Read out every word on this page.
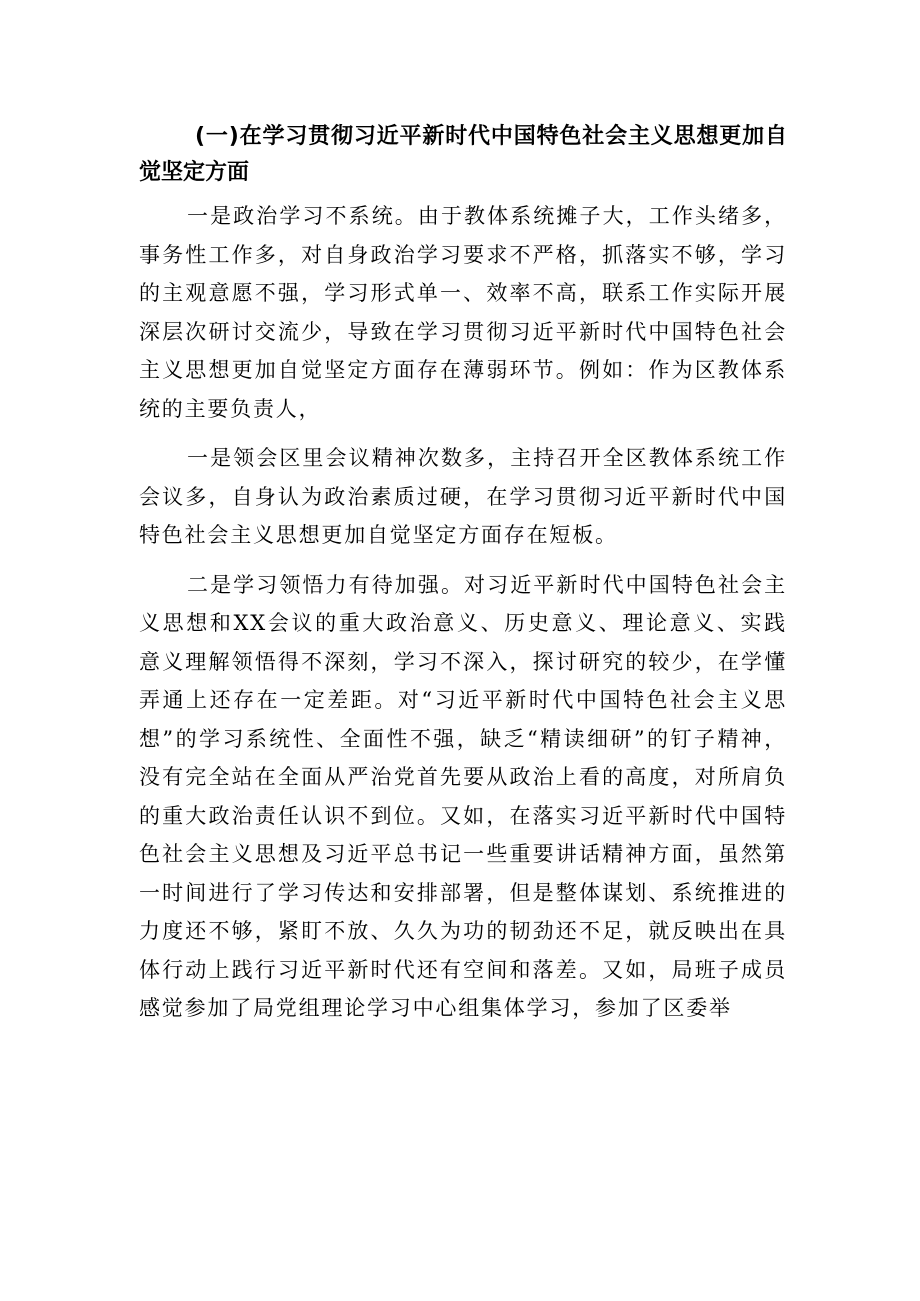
(一)在学习贯彻习近平新时代中国特色社会主义思想更加自觉坚定方面

一是政治学习不系统。由于教体系统摊子大，工作头绪多，事务性工作多，对自身政治学习要求不严格，抓落实不够，学习的主观意愿不强，学习形式单一、效率不高，联系工作实际开展深层次研讨交流少，导致在学习贯彻习近平新时代中国特色社会主义思想更加自觉坚定方面存在薄弱环节。例如：作为区教体系统的主要负责人，

一是领会区里会议精神次数多，主持召开全区教体系统工作会议多，自身认为政治素质过硬，在学习贯彻习近平新时代中国特色社会主义思想更加自觉坚定方面存在短板。

二是学习领悟力有待加强。对习近平新时代中国特色社会主义思想和XX会议的重大政治意义、历史意义、理论意义、实践意义理解领悟得不深刻，学习不深入，探讨研究的较少，在学懂弄通上还存在一定差距。对“习近平新时代中国特色社会主义思想”的学习系统性、全面性不强，缺乏“精读细研”的钉子精神，没有完全站在全面从严治党首先要从政治上看的高度，对所肩负的重大政治责任认识不到位。又如，在落实习近平新时代中国特色社会主义思想及习近平总书记一些重要讲话精神方面，虽然第一时间进行了学习传达和安排部署，但是整体谋划、系统推进的力度还不够，紧盯不放、久久为功的韧劲还不足，就反映出在具体行动上践行习近平新时代还有空间和落差。又如，局班子成员感觉参加了局党组理论学习中心组集体学习，参加了区委举
